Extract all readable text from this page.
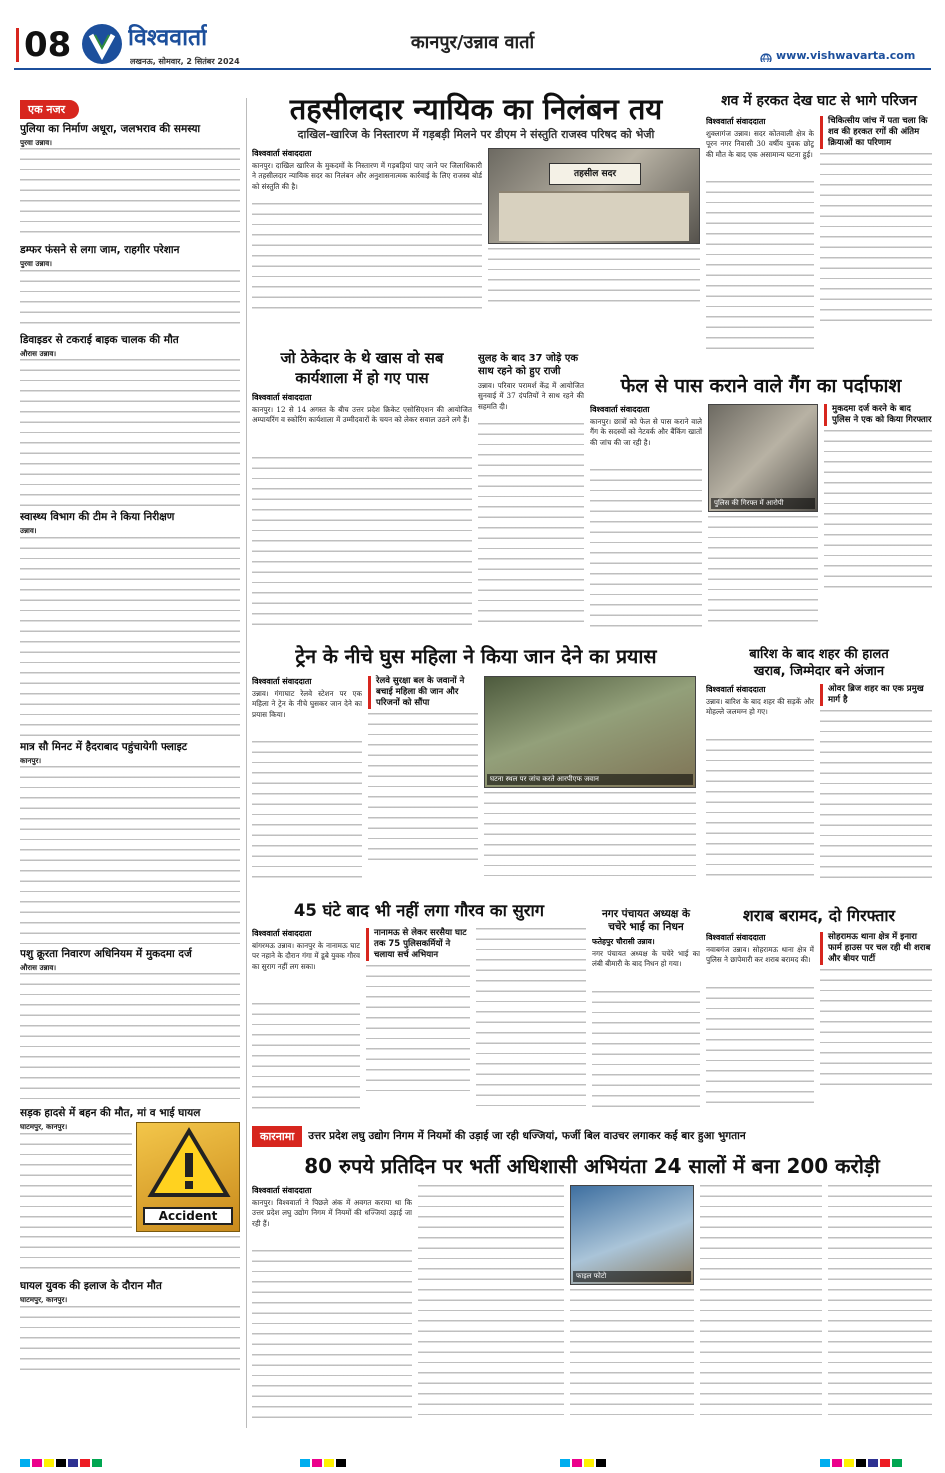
08 विश्ववार्ता
लखनऊ, सोमवार, 2 सितंबर 2024
कानपुर/उन्नाव वार्ता
www.vishwavarta.com
एक नजर
पुलिया का निर्माण अधूरा, जलभराव की समस्या
पुरवा उन्नाव।
डम्फर फंसने से लगा जाम, राहगीर परेशान
पुरवा उन्नाव।
डिवाइडर से टकराई बाइक चालक की मौत
औरास उन्नाव।
स्वास्थ्य विभाग की टीम ने किया निरीक्षण
उन्नाव।
मात्र सौ मिनट में हैदराबाद पहुंचायेगी फ्लाइट
कानपुर।
पशु क्रूरता निवारण अधिनियम में मुकदमा दर्ज
औरास उन्नाव।
सड़क हादसे में बहन की मौत, मां व भाई घायल
घाटमपुर, कानपुर।
Accident
घायल युवक की इलाज के दौरान मौत
घाटमपुर, कानपुर।
तहसीलदार न्यायिक का निलंबन तय
दाखिल-खारिज के निस्तारण में गड़बड़ी मिलने पर डीएम ने संस्तुति राजस्व परिषद को भेजी
विश्ववार्ता संवाददाता
कानपुर। दाखिल खारिज के मुकदमों के निस्तारण में गड़बड़ियां पाए जाने पर जिलाधिकारी ने तहसीलदार न्यायिक सदर का निलंबन और अनुशासनात्मक कार्रवाई के लिए राजस्व बोर्ड को संस्तुति की है।
तहसील सदर
शव में हरकत देख घाट से भागे परिजन
विश्ववार्ता संवाददाता
शुक्लागंज उन्नाव। सदर कोतवाली क्षेत्र के पूरन नगर निवासी 30 वर्षीय युवक छोटू की मौत के बाद एक असामान्य घटना हुई।
चिकित्सीय जांच में पता चला कि शव की हरकत रगों की अंतिम क्रियाओं का परिणाम
जो ठेकेदार के थे खास वो सब
कार्यशाला में हो गए पास
विश्ववार्ता संवाददाता
कानपुर। 12 से 14 अगस्त के बीच उत्तर प्रदेश क्रिकेट एसोसिएशन की आयोजित अम्पायरिंग व स्कोरिंग कार्यशाला में उम्मीदवारों के चयन को लेकर सवाल उठने लगे हैं।
सुलह के बाद 37 जोड़े एक साथ रहने को हुए राजी
उन्नाव। परिवार परामर्श केंद्र में आयोजित सुनवाई में 37 दंपतियों ने साथ रहने की सहमति दी।
फेल से पास कराने वाले गैंग का पर्दाफाश
विश्ववार्ता संवाददाता
कानपुर। छात्रों को फेल से पास कराने वाले गैंग के सदस्यों को नेटवर्क और बैंकिंग खातों की जांच की जा रही है।
पुलिस की गिरफ्त में आरोपी
मुकदमा दर्ज करने के बाद पुलिस ने एक को किया गिरफ्तार
ट्रेन के नीचे घुस महिला ने किया जान देने का प्रयास
विश्ववार्ता संवाददाता
उन्नाव। गंगाघाट रेलवे स्टेशन पर एक महिला ने ट्रेन के नीचे घुसकर जान देने का प्रयास किया।
रेलवे सुरक्षा बल के जवानों ने बचाई महिला की जान और परिजनों को सौंपा
घटना स्थल पर जांच करते आरपीएफ जवान
बारिश के बाद शहर की हालत
खराब, जिम्मेदार बने अंजान
विश्ववार्ता संवाददाता
उन्नाव। बारिश के बाद शहर की सड़कें और मोहल्ले जलमग्न हो गए।
ओवर ब्रिज शहर का एक प्रमुख मार्ग है
45 घंटे बाद भी नहीं लगा गौरव का सुराग
विश्ववार्ता संवाददाता
बांगरमऊ उन्नाव। कानपुर के नानामऊ घाट पर नहाने के दौरान गंगा में डूबे युवक गौरव का सुराग नहीं लग सका।
नानामऊ से लेकर सरसैया घाट तक 75 पुलिसकर्मियों ने चलाया सर्च अभियान
नगर पंचायत अध्यक्ष के चचेरे भाई का निधन
फतेहपुर चौरासी उन्नाव।
नगर पंचायत अध्यक्ष के चचेरे भाई का लंबी बीमारी के बाद निधन हो गया।
शराब बरामद, दो गिरफ्तार
विश्ववार्ता संवाददाता
नवाबगंज उन्नाव। सोहरामऊ थाना क्षेत्र में पुलिस ने छापेमारी कर शराब बरामद की।
सोहरामऊ थाना क्षेत्र में इनारा फार्म हाउस पर चल रही थी शराब और बीयर पार्टी
कारनामा	उत्तर प्रदेश लघु उद्योग निगम में नियमों की उड़ाई जा रही धज्जियां, फर्जी बिल वाउचर लगाकर कई बार हुआ भुगतान
80 रुपये प्रतिदिन पर भर्ती अधिशासी अभियंता 24 सालों में बना 200 करोड़ी
विश्ववार्ता संवाददाता
कानपुर। विश्ववार्ता ने पिछले अंक में अवगत कराया था कि उत्तर प्रदेश लघु उद्योग निगम में नियमों की धज्जियां उड़ाई जा रही हैं।
फाइल फोटो
